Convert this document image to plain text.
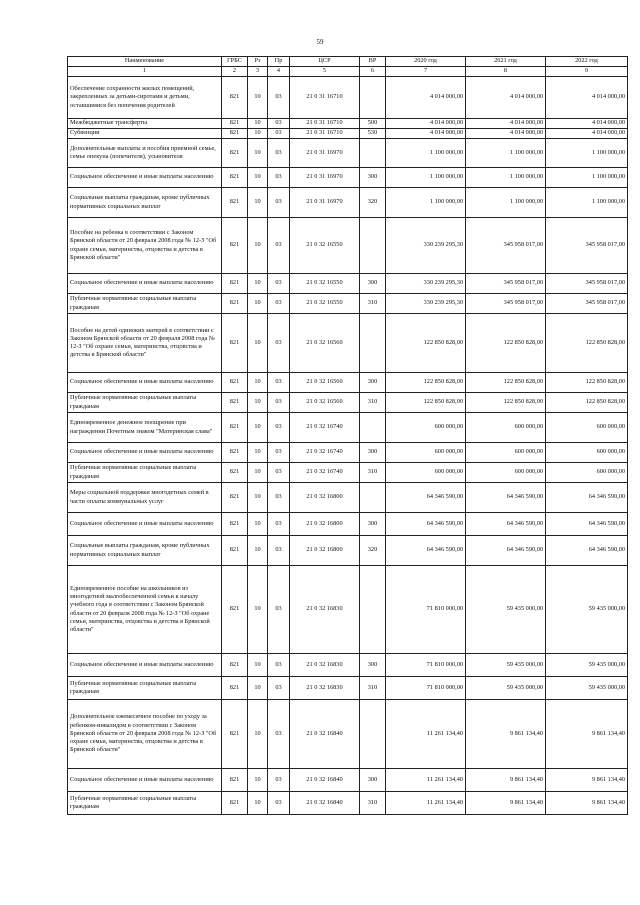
59
Наименование	ГРБС	Рз	Пр	ЦСР	ВР	2020 год	2021 год	2022 год
1	2	3	4	5	6	7	8	9
Обеспечение сохранности жилых помещений, закрепленных за детьми-сиротами и детьми, оставшимися без попечения родителей	821	10	03	21 0 31 16710		4 014 000,00	4 014 000,00	4 014 000,00
Межбюджетные трансферты	821	10	03	21 0 31 16710	500	4 014 000,00	4 014 000,00	4 014 000,00
Субвенции	821	10	03	21 0 31 16710	530	4 014 000,00	4 014 000,00	4 014 000,00
Дополнительные выплаты и пособия приемной семье, семье опекуна (попечителя), усыновителя	821	10	03	21 0 31 16970		1 100 000,00	1 100 000,00	1 100 000,00
Социальное обеспечение и иные выплаты населению	821	10	03	21 0 31 16970	300	1 100 000,00	1 100 000,00	1 100 000,00
Социальные выплаты гражданам, кроме публичных нормативных социальных выплат	821	10	03	21 0 31 16970	320	1 100 000,00	1 100 000,00	1 100 000,00
Пособие на ребенка в соответствии с Законом Брянской области от 20 февраля 2008 года № 12-З "Об охране семьи, материнства, отцовства и детства в Брянской области"	821	10	03	21 0 32 16550		330 239 295,30	345 958 017,00	345 958 017,00
Социальное обеспечение и иные выплаты населению	821	10	03	21 0 32 16550	300	330 239 295,30	345 958 017,00	345 958 017,00
Публичные нормативные социальные выплаты гражданам	821	10	03	21 0 32 16550	310	330 239 295,30	345 958 017,00	345 958 017,00
Пособие на детей одиноких матерей в соответствии с Законом Брянской области от 20 февраля 2008 года № 12-З "Об охране семьи, материнства, отцовства и детства в Брянской области"	821	10	03	21 0 32 16560		122 850 828,00	122 850 828,00	122 850 828,00
Социальное обеспечение и иные выплаты населению	821	10	03	21 0 32 16560	300	122 850 828,00	122 850 828,00	122 850 828,00
Публичные нормативные социальные выплаты гражданам	821	10	03	21 0 32 16560	310	122 850 828,00	122 850 828,00	122 850 828,00
Единовременное денежное поощрение при награждении Почетным знаком "Материнская слава"	821	10	03	21 0 32 16740		600 000,00	600 000,00	600 000,00
Социальное обеспечение и иные выплаты населению	821	10	03	21 0 32 16740	300	600 000,00	600 000,00	600 000,00
Публичные нормативные социальные выплаты гражданам	821	10	03	21 0 32 16740	310	600 000,00	600 000,00	600 000,00
Меры социальной поддержки многодетных семей в части оплаты коммунальных услуг	821	10	03	21 0 32 16800		64 346 590,00	64 346 590,00	64 346 590,00
Социальное обеспечение и иные выплаты населению	821	10	03	21 0 32 16800	300	64 346 590,00	64 346 590,00	64 346 590,00
Социальные выплаты гражданам, кроме публичных нормативных социальных выплат	821	10	03	21 0 32 16800	320	64 346 590,00	64 346 590,00	64 346 590,00
Единовременное пособие на школьников из многодетной малообеспеченной семьи к началу учебного года в соответствии с Законом Брянской области от 20 февраля 2008 года № 12-З "Об охране семьи, материнства, отцовства и детства в Брянской области"	821	10	03	21 0 32 16830		71 810 000,00	59 435 000,00	59 435 000,00
Социальное обеспечение и иные выплаты населению	821	10	03	21 0 32 16830	300	71 810 000,00	59 435 000,00	59 435 000,00
Публичные нормативные социальные выплаты гражданам	821	10	03	21 0 32 16830	310	71 810 000,00	59 435 000,00	59 435 000,00
Дополнительное ежемесячное пособие по уходу за ребенком-инвалидом в соответствии с Законом Брянской области от 20 февраля 2008 года № 12-З "Об охране семьи, материнства, отцовства и детства в Брянской области"	821	10	03	21 0 32 16840		11 261 134,40	9 861 134,40	9 861 134,40
Социальное обеспечение и иные выплаты населению	821	10	03	21 0 32 16840	300	11 261 134,40	9 861 134,40	9 861 134,40
Публичные нормативные социальные выплаты гражданам	821	10	03	21 0 32 16840	310	11 261 134,40	9 861 134,40	9 861 134,40
